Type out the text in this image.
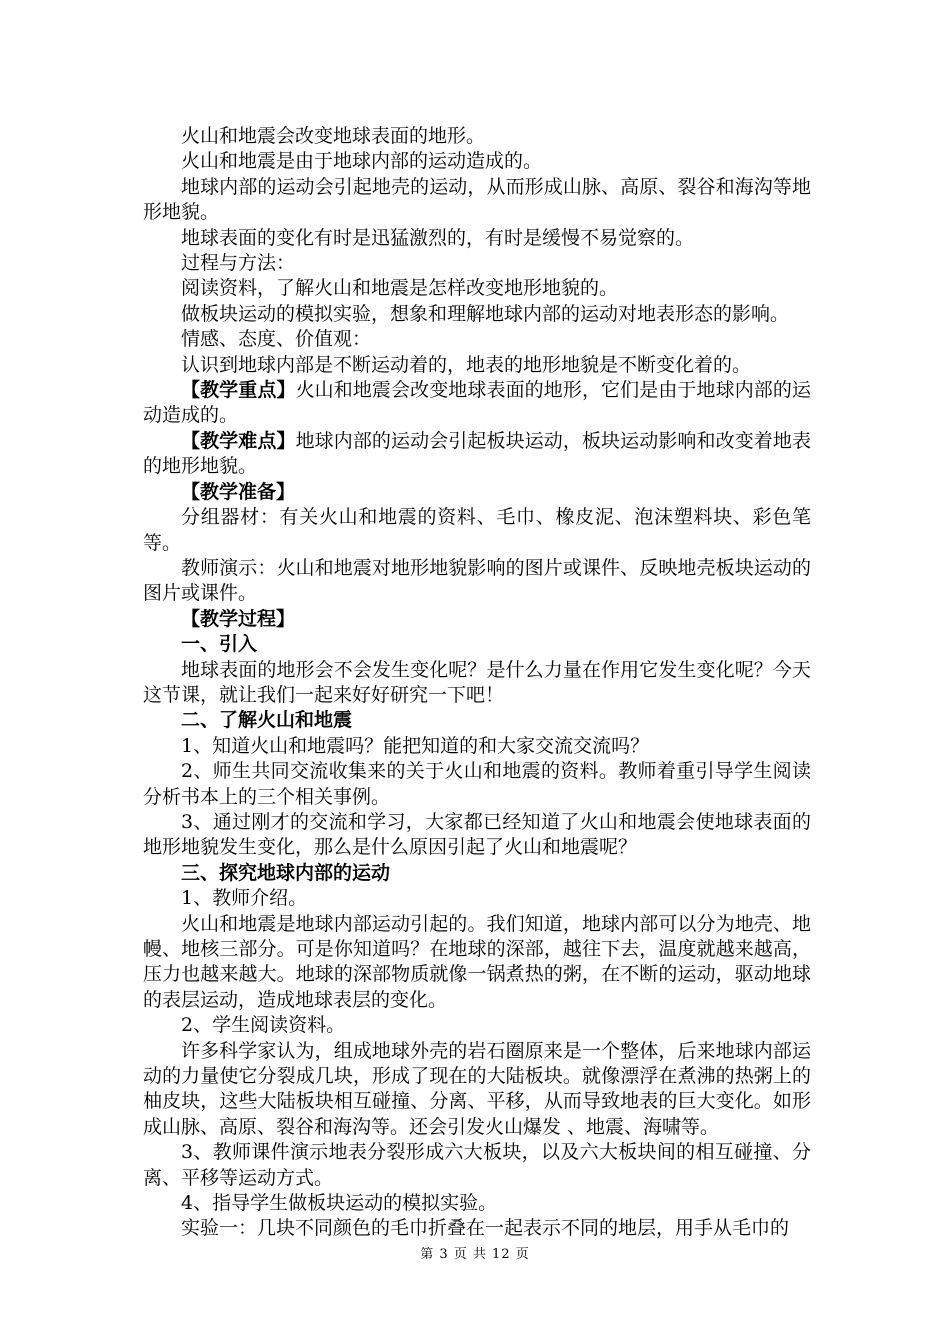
火山和地震会改变地球表面的地形。

火山和地震是由于地球内部的运动造成的。

地球内部的运动会引起地壳的运动，从而形成山脉、高原、裂谷和海沟等地形地貌。

地球表面的变化有时是迅猛激烈的，有时是缓慢不易觉察的。

过程与方法：

阅读资料，了解火山和地震是怎样改变地形地貌的。

做板块运动的模拟实验，想象和理解地球内部的运动对地表形态的影响。

情感、态度、价值观：

认识到地球内部是不断运动着的，地表的地形地貌是不断变化着的。

【教学重点】火山和地震会改变地球表面的地形，它们是由于地球内部的运动造成的。

【教学难点】地球内部的运动会引起板块运动，板块运动影响和改变着地表的地形地貌。

【教学准备】

分组器材：有关火山和地震的资料、毛巾、橡皮泥、泡沫塑料块、彩色笔等。

教师演示：火山和地震对地形地貌影响的图片或课件、反映地壳板块运动的图片或课件。

【教学过程】

一、引入

地球表面的地形会不会发生变化呢？是什么力量在作用它发生变化呢？今天这节课，就让我们一起来好好研究一下吧！

二、了解火山和地震

1、知道火山和地震吗？能把知道的和大家交流交流吗？

2、师生共同交流收集来的关于火山和地震的资料。教师着重引导学生阅读分析书本上的三个相关事例。

3、通过刚才的交流和学习，大家都已经知道了火山和地震会使地球表面的地形地貌发生变化，那么是什么原因引起了火山和地震呢？

三、探究地球内部的运动

1、教师介绍。

火山和地震是地球内部运动引起的。我们知道，地球内部可以分为地壳、地幔、地核三部分。可是你知道吗？在地球的深部，越往下去，温度就越来越高，压力也越来越大。地球的深部物质就像一锅煮热的粥，在不断的运动，驱动地球的表层运动，造成地球表层的变化。

2、学生阅读资料。

许多科学家认为，组成地球外壳的岩石圈原来是一个整体，后来地球内部运动的力量使它分裂成几块，形成了现在的大陆板块。就像漂浮在煮沸的热粥上的柚皮块，这些大陆板块相互碰撞、分离、平移，从而导致地表的巨大变化。如形成山脉、高原、裂谷和海沟等。还会引发火山爆发 、地震、海啸等。

3、教师课件演示地表分裂形成六大板块，以及六大板块间的相互碰撞、分离、平移等运动方式。

4、指导学生做板块运动的模拟实验。

实验一：几块不同颜色的毛巾折叠在一起表示不同的地层，用手从毛巾的

第 3 页 共 12 页
